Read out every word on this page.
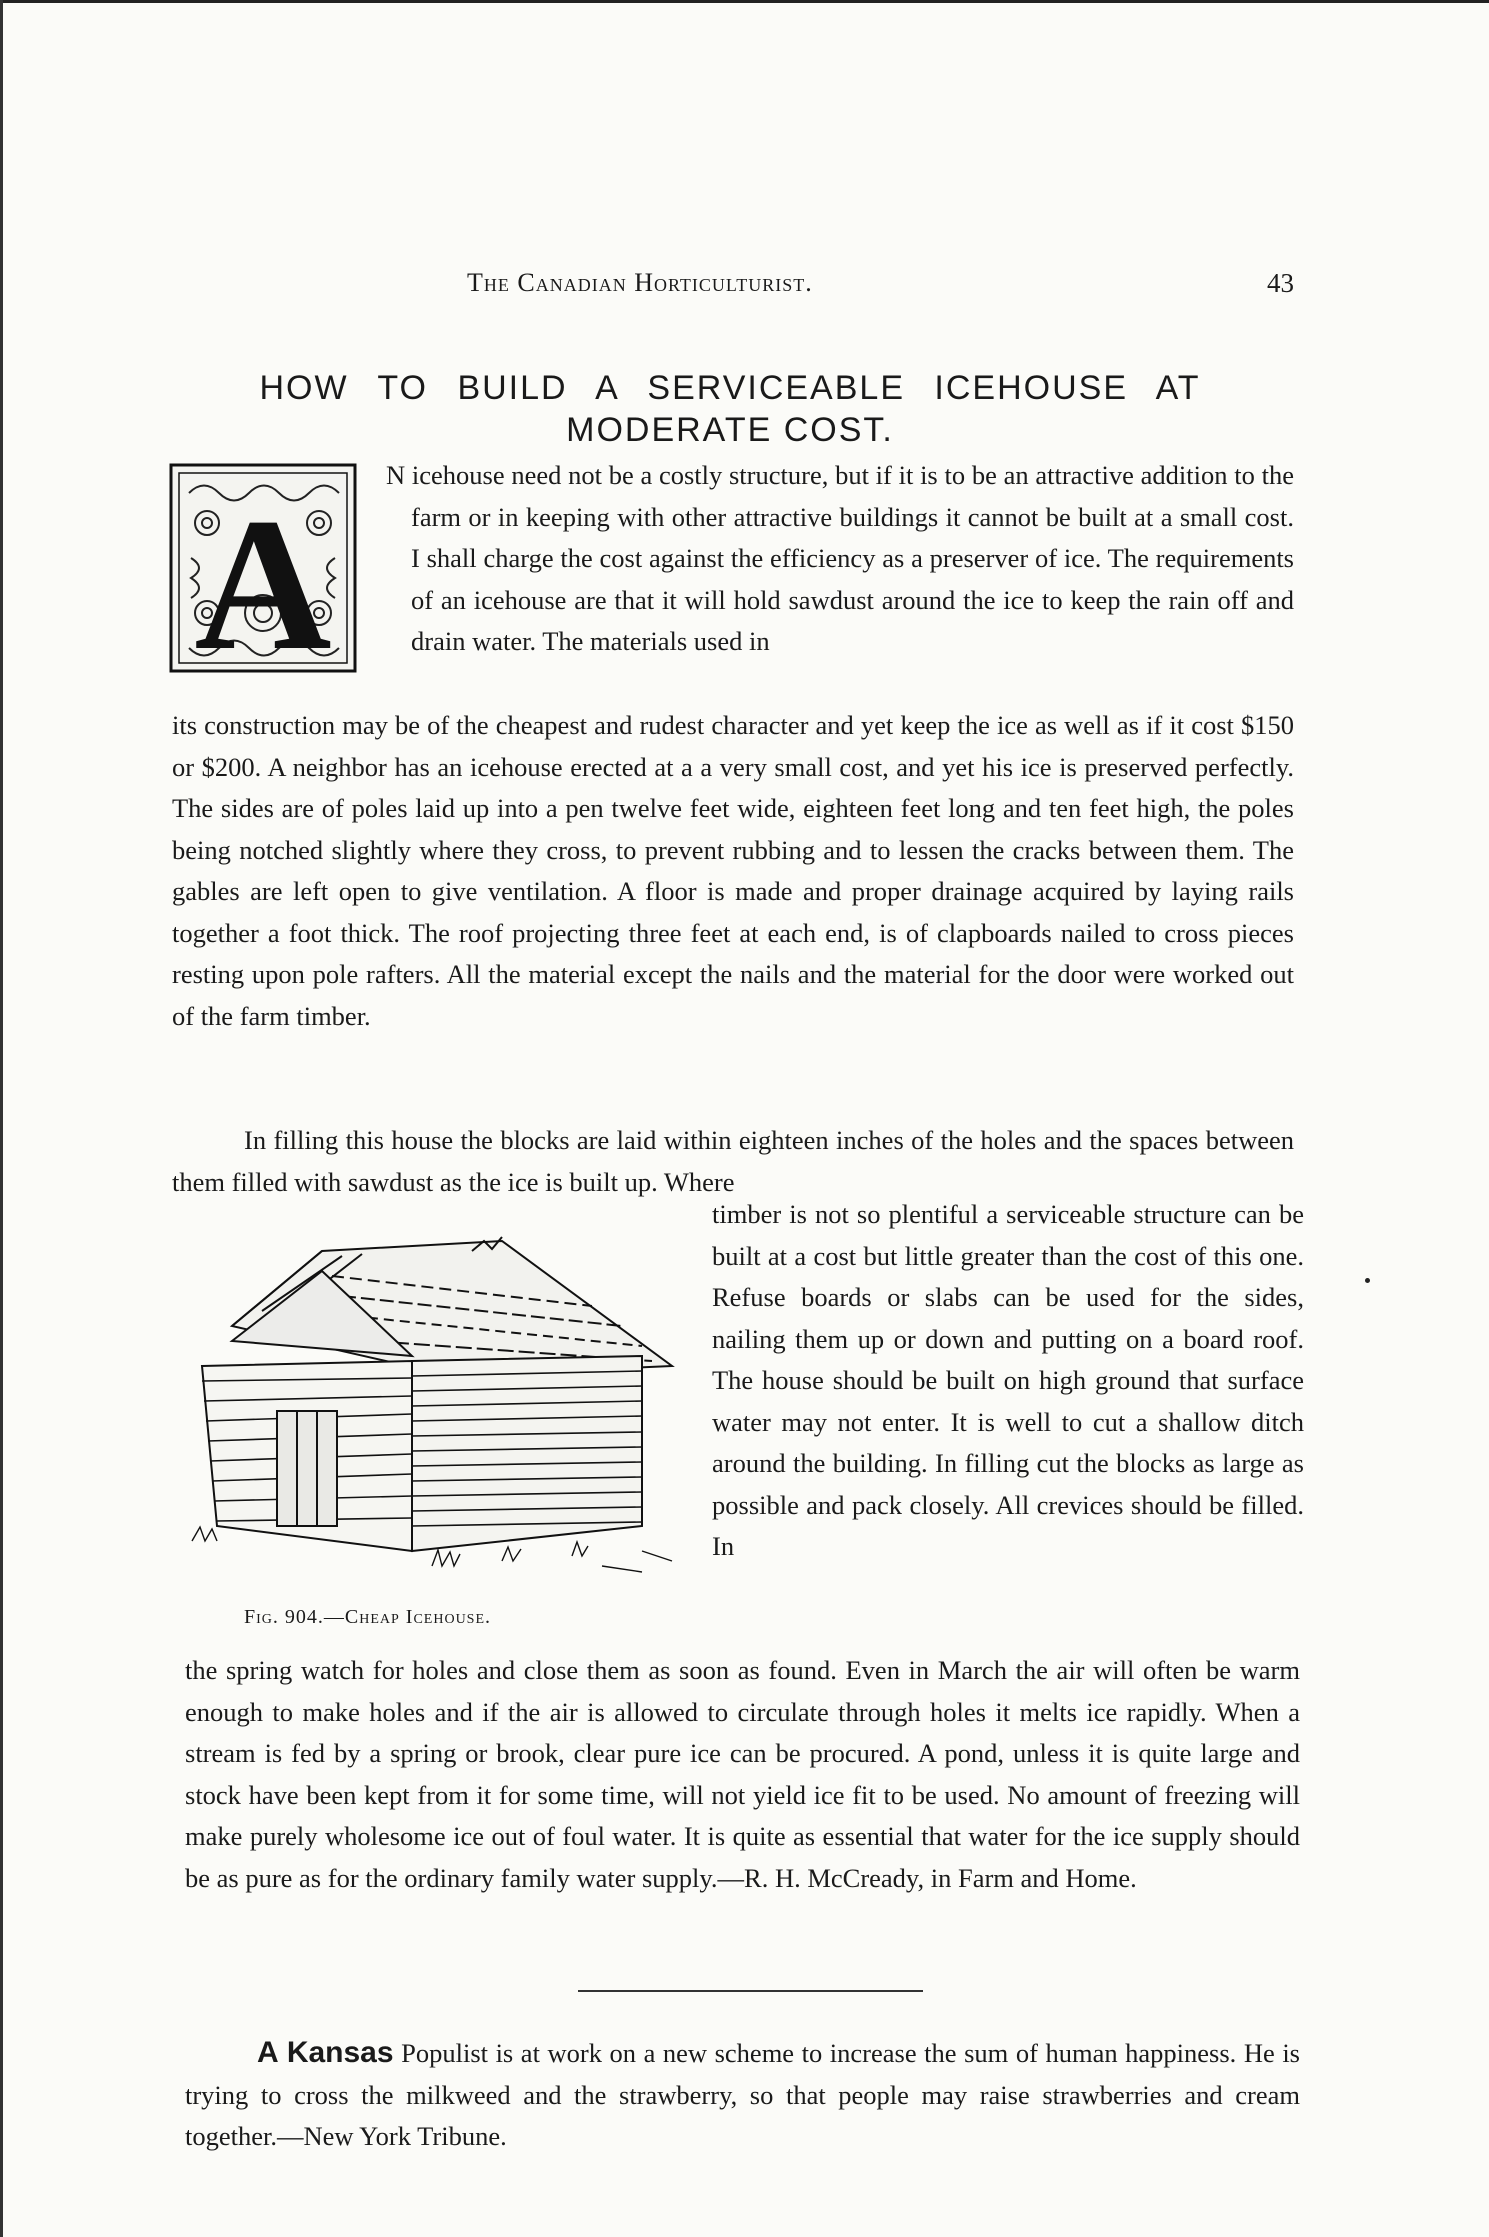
The Canadian Horticulturist.	43
HOW TO BUILD A SERVICEABLE ICEHOUSE AT
MODERATE COST.
A
N icehouse need not be a costly structure, but if it is to be an attractive addition to the farm or in keeping with other attractive buildings it cannot be built at a small cost. I shall charge the cost against the efficiency as a preserver of ice. The requirements of an icehouse are that it will hold sawdust around the ice to keep the rain off and drain water. The materials used in
its construction may be of the cheapest and rudest character and yet keep the ice as well as if it cost $150 or $200. A neighbor has an icehouse erected at a a very small cost, and yet his ice is preserved perfectly. The sides are of poles laid up into a pen twelve feet wide, eighteen feet long and ten feet high, the poles being notched slightly where they cross, to prevent rubbing and to lessen the cracks between them. The gables are left open to give ventilation. A floor is made and proper drainage acquired by laying rails together a foot thick. The roof projecting three feet at each end, is of clapboards nailed to cross pieces resting upon pole rafters. All the material except the nails and the material for the door were worked out of the farm timber.
In filling this house the blocks are laid within eighteen inches of the holes and the spaces between them filled with sawdust as the ice is built up. Where
Fig. 904.—Cheap Icehouse.
timber is not so plentiful a serviceable structure can be built at a cost but little greater than the cost of this one. Refuse boards or slabs can be used for the sides, nailing them up or down and putting on a board roof. The house should be built on high ground that surface water may not enter. It is well to cut a shallow ditch around the building. In filling cut the blocks as large as possible and pack closely. All crevices should be filled. In
the spring watch for holes and close them as soon as found. Even in March the air will often be warm enough to make holes and if the air is allowed to circulate through holes it melts ice rapidly. When a stream is fed by a spring or brook, clear pure ice can be procured. A pond, unless it is quite large and stock have been kept from it for some time, will not yield ice fit to be used. No amount of freezing will make purely wholesome ice out of foul water. It is quite as essential that water for the ice supply should be as pure as for the ordinary family water supply.—R. H. McCready, in Farm and Home.
A Kansas Populist is at work on a new scheme to increase the sum of human happiness. He is trying to cross the milkweed and the strawberry, so that people may raise strawberries and cream together.—New York Tribune.
